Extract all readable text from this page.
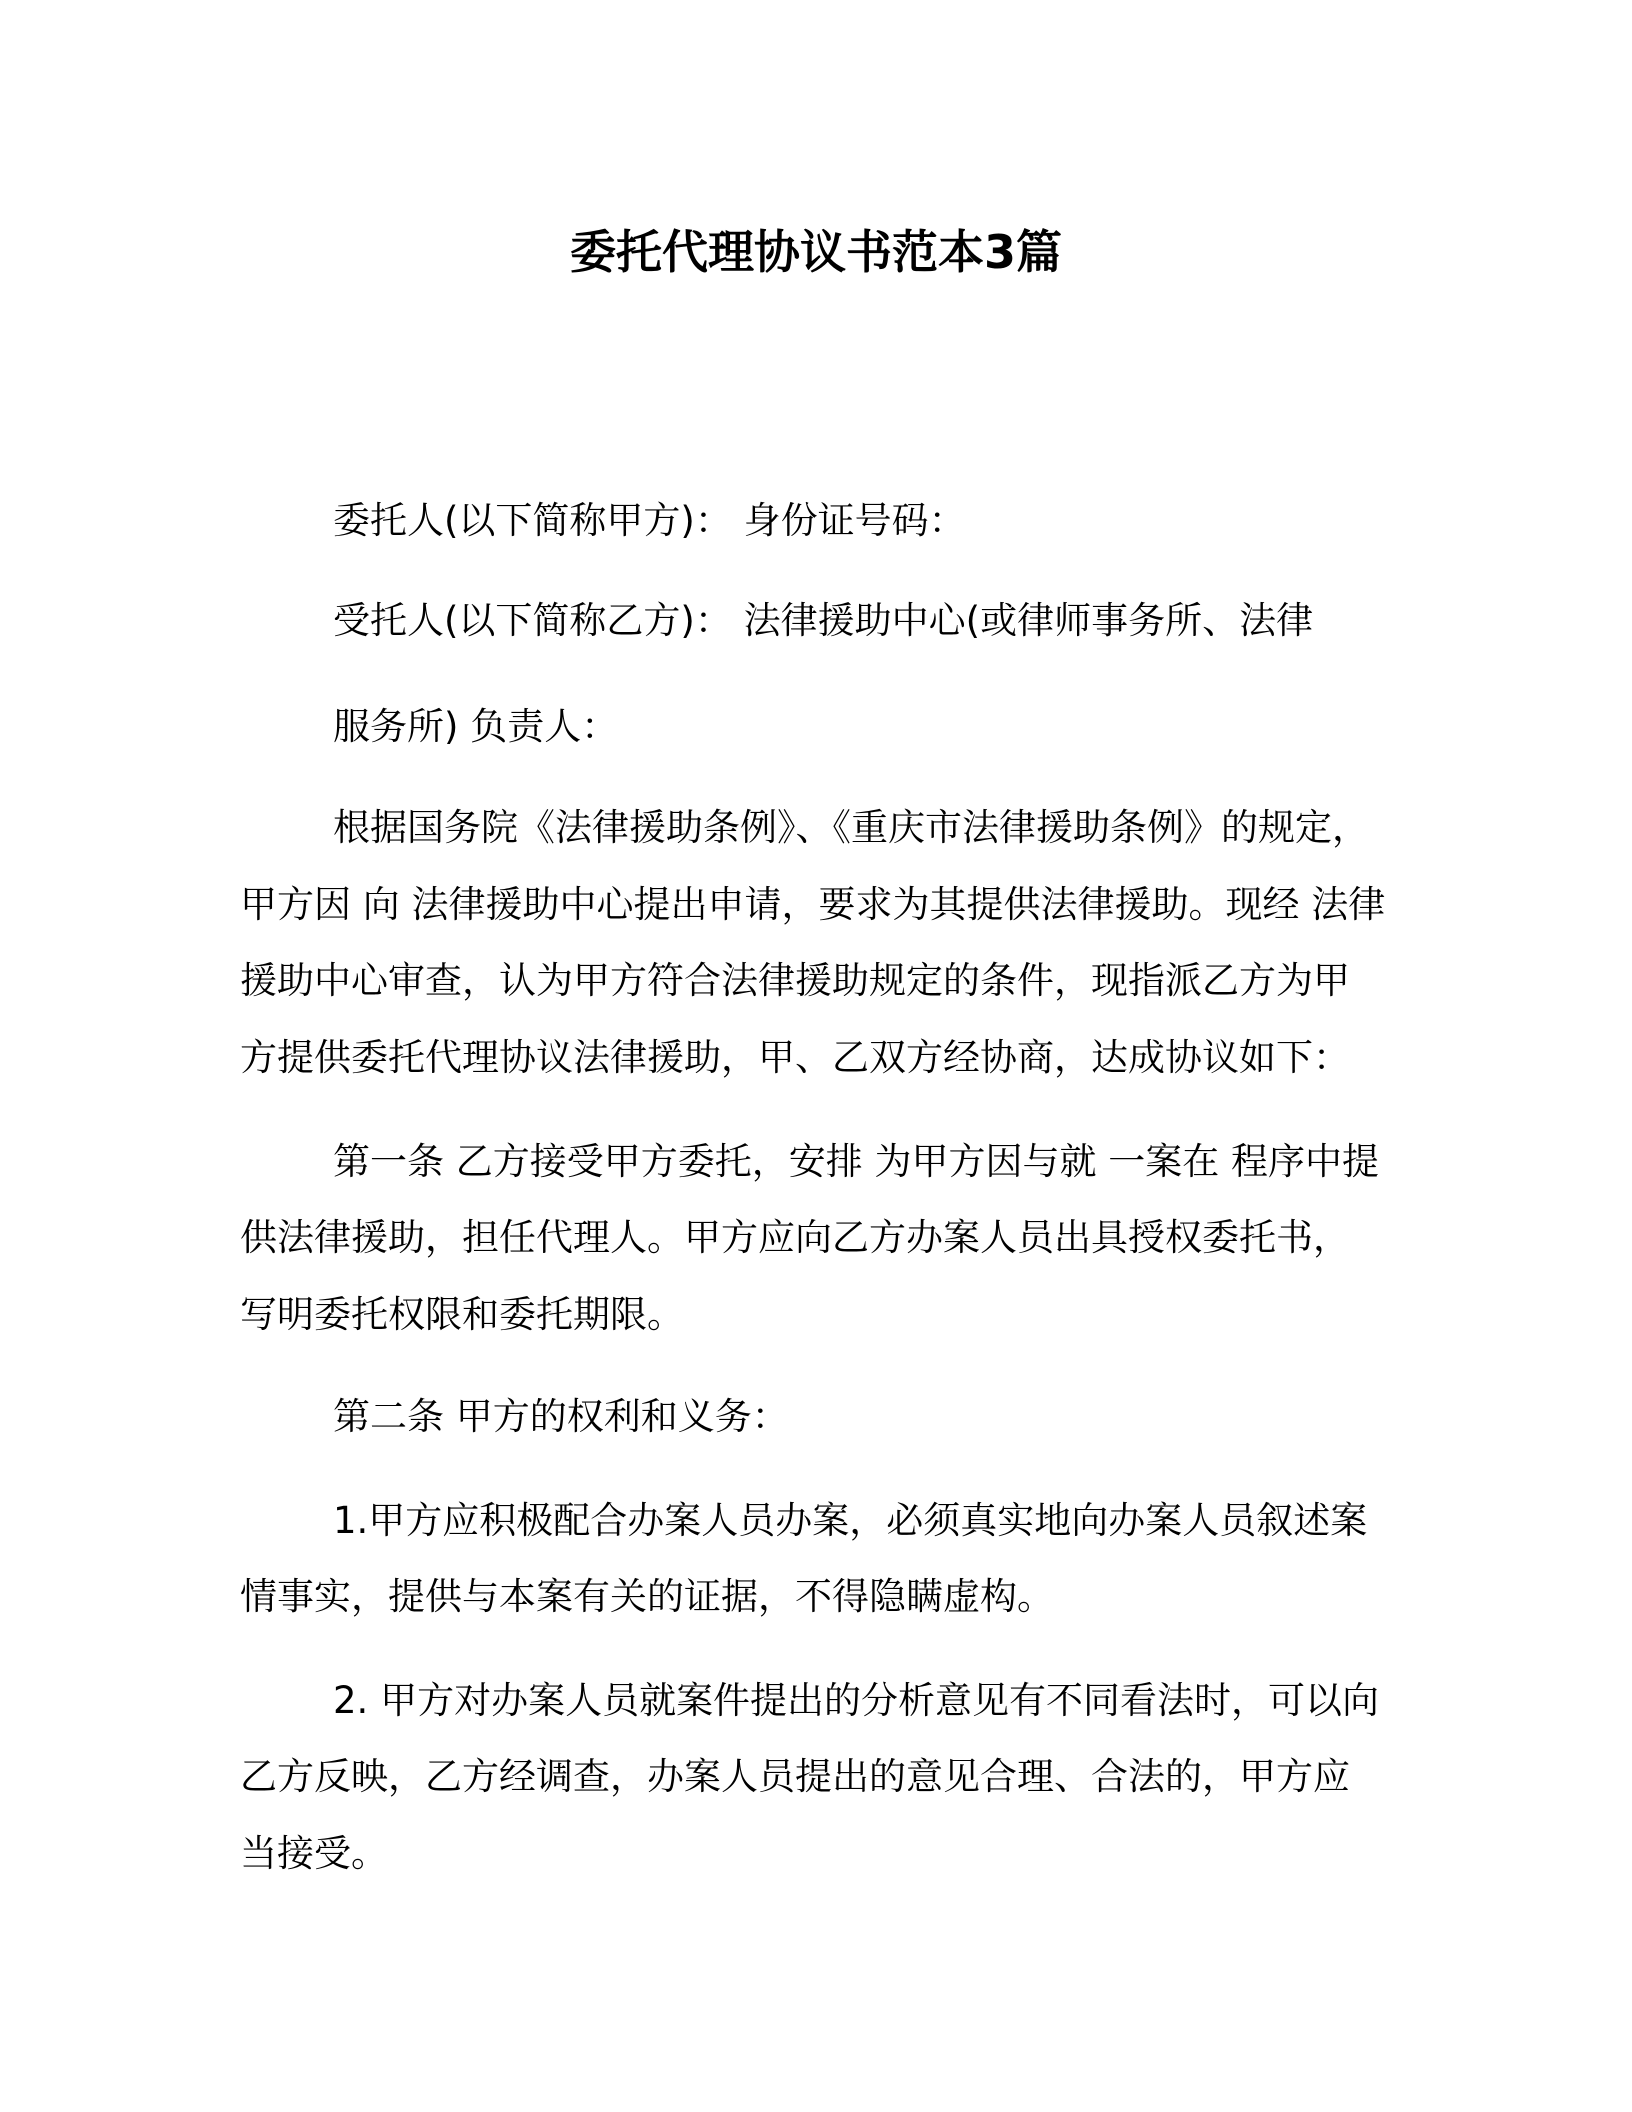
委托代理协议书范本3篇
委托人(以下简称甲方)： 身份证号码：
受托人(以下简称乙方)： 法律援助中心(或律师事务所、法律
服务所) 负责人：
根据国务院《法律援助条例》、《重庆市法律援助条例》的规定，
甲方因 向 法律援助中心提出申请，要求为其提供法律援助。现经 法律
援助中心审查，认为甲方符合法律援助规定的条件，现指派乙方为甲
方提供委托代理协议法律援助，甲、乙双方经协商，达成协议如下：
第一条 乙方接受甲方委托，安排 为甲方因与就 一案在 程序中提
供法律援助，担任代理人。甲方应向乙方办案人员出具授权委托书，
写明委托权限和委托期限。
第二条 甲方的权利和义务：
1.甲方应积极配合办案人员办案，必须真实地向办案人员叙述案
情事实，提供与本案有关的证据，不得隐瞒虚构。
2. 甲方对办案人员就案件提出的分析意见有不同看法时，可以向
乙方反映，乙方经调查，办案人员提出的意见合理、合法的，甲方应
当接受。
